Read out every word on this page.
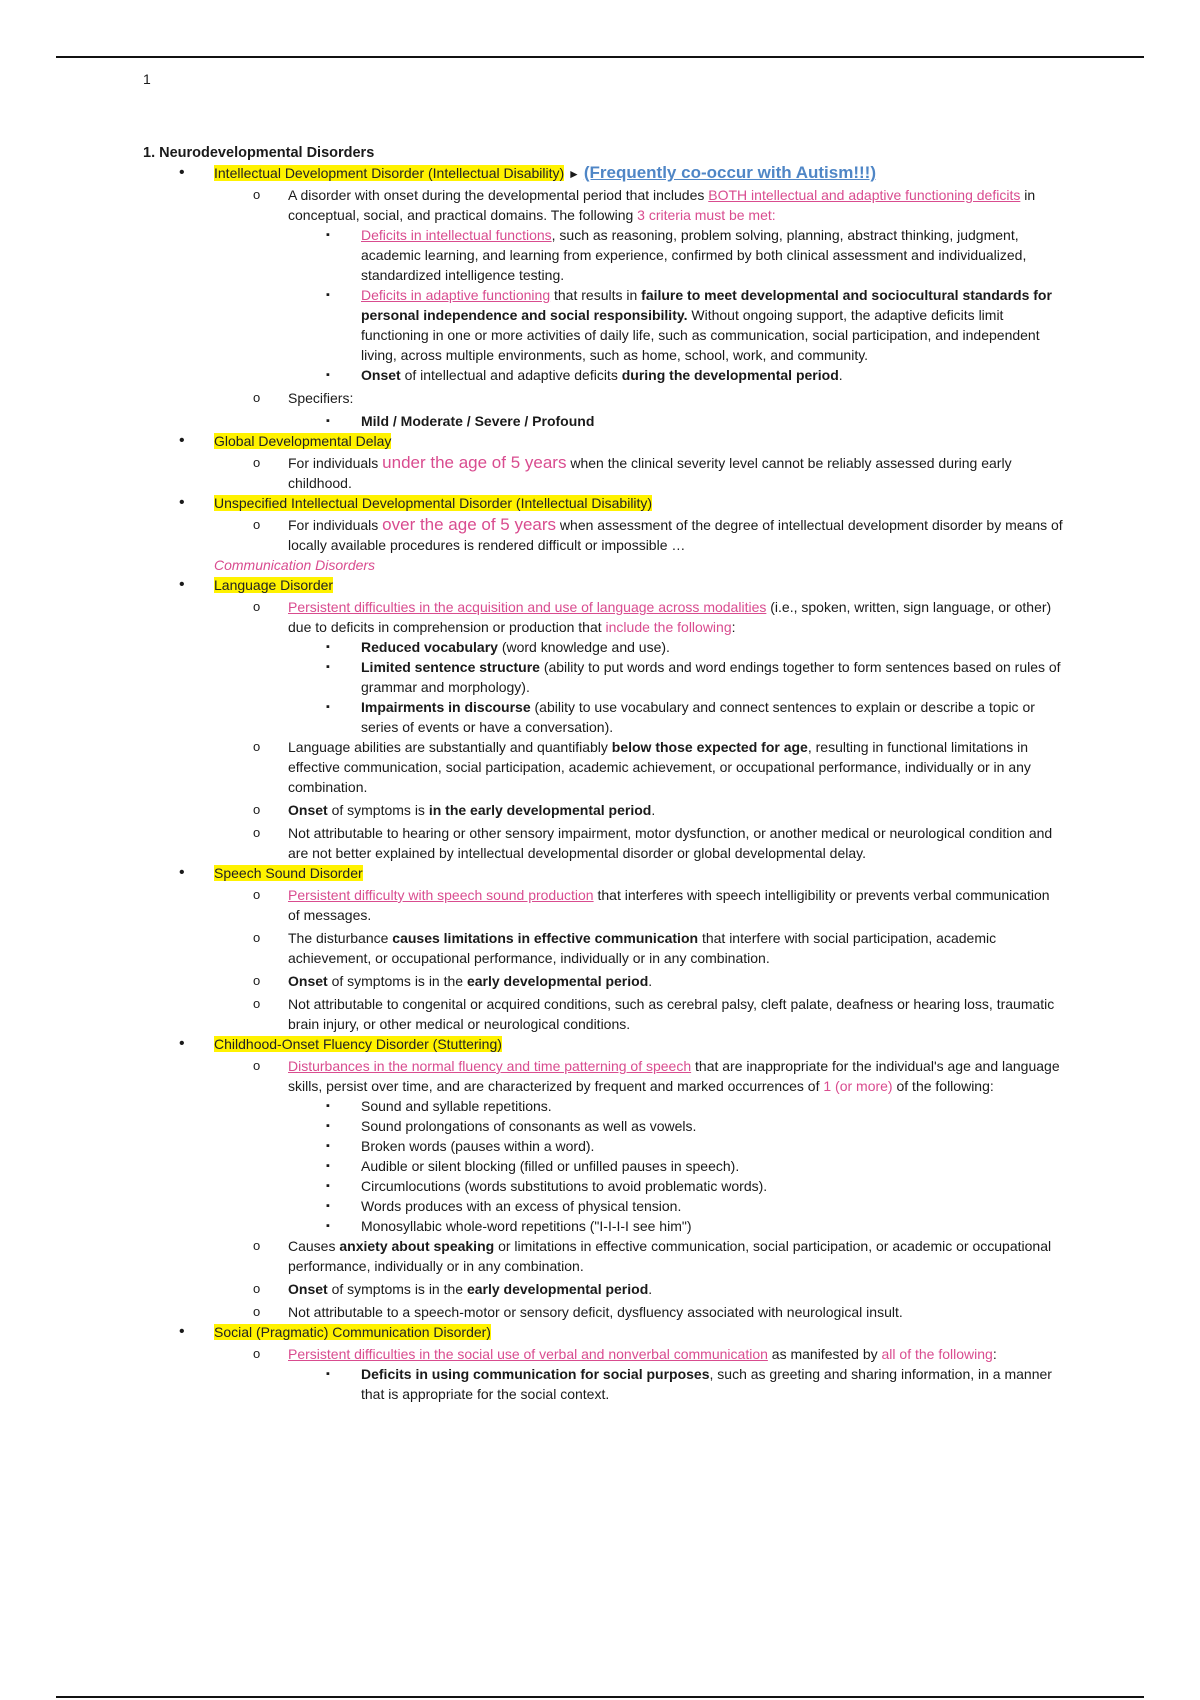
1
1. Neurodevelopmental Disorders
• Intellectual Development Disorder (Intellectual Disability) ► (Frequently co-occur with Autism!!!)
o A disorder with onset during the developmental period that includes BOTH intellectual and adaptive functioning deficits in conceptual, social, and practical domains. The following 3 criteria must be met:
▪ Deficits in intellectual functions, such as reasoning, problem solving, planning, abstract thinking, judgment, academic learning, and learning from experience, confirmed by both clinical assessment and individualized, standardized intelligence testing.
▪ Deficits in adaptive functioning that results in failure to meet developmental and sociocultural standards for personal independence and social responsibility. Without ongoing support, the adaptive deficits limit functioning in one or more activities of daily life, such as communication, social participation, and independent living, across multiple environments, such as home, school, work, and community.
▪ Onset of intellectual and adaptive deficits during the developmental period.
o Specifiers:
▪ Mild / Moderate / Severe / Profound
• Global Developmental Delay
o For individuals under the age of 5 years when the clinical severity level cannot be reliably assessed during early childhood.
• Unspecified Intellectual Developmental Disorder (Intellectual Disability)
o For individuals over the age of 5 years when assessment of the degree of intellectual development disorder by means of locally available procedures is rendered difficult or impossible …
Communication Disorders
• Language Disorder
o Persistent difficulties in the acquisition and use of language across modalities (i.e., spoken, written, sign language, or other) due to deficits in comprehension or production that include the following:
▪ Reduced vocabulary (word knowledge and use).
▪ Limited sentence structure (ability to put words and word endings together to form sentences based on rules of grammar and morphology).
▪ Impairments in discourse (ability to use vocabulary and connect sentences to explain or describe a topic or series of events or have a conversation).
o Language abilities are substantially and quantifiably below those expected for age, resulting in functional limitations in effective communication, social participation, academic achievement, or occupational performance, individually or in any combination.
o Onset of symptoms is in the early developmental period.
o Not attributable to hearing or other sensory impairment, motor dysfunction, or another medical or neurological condition and are not better explained by intellectual developmental disorder or global developmental delay.
• Speech Sound Disorder
o Persistent difficulty with speech sound production that interferes with speech intelligibility or prevents verbal communication of messages.
o The disturbance causes limitations in effective communication that interfere with social participation, academic achievement, or occupational performance, individually or in any combination.
o Onset of symptoms is in the early developmental period.
o Not attributable to congenital or acquired conditions, such as cerebral palsy, cleft palate, deafness or hearing loss, traumatic brain injury, or other medical or neurological conditions.
• Childhood-Onset Fluency Disorder (Stuttering)
o Disturbances in the normal fluency and time patterning of speech that are inappropriate for the individual's age and language skills, persist over time, and are characterized by frequent and marked occurrences of 1 (or more) of the following:
▪ Sound and syllable repetitions.
▪ Sound prolongations of consonants as well as vowels.
▪ Broken words (pauses within a word).
▪ Audible or silent blocking (filled or unfilled pauses in speech).
▪ Circumlocutions (words substitutions to avoid problematic words).
▪ Words produces with an excess of physical tension.
▪ Monosyllabic whole-word repetitions ("I-I-I-I see him")
o Causes anxiety about speaking or limitations in effective communication, social participation, or academic or occupational performance, individually or in any combination.
o Onset of symptoms is in the early developmental period.
o Not attributable to a speech-motor or sensory deficit, dysfluency associated with neurological insult.
• Social (Pragmatic) Communication Disorder)
o Persistent difficulties in the social use of verbal and nonverbal communication as manifested by all of the following:
▪ Deficits in using communication for social purposes, such as greeting and sharing information, in a manner that is appropriate for the social context.
